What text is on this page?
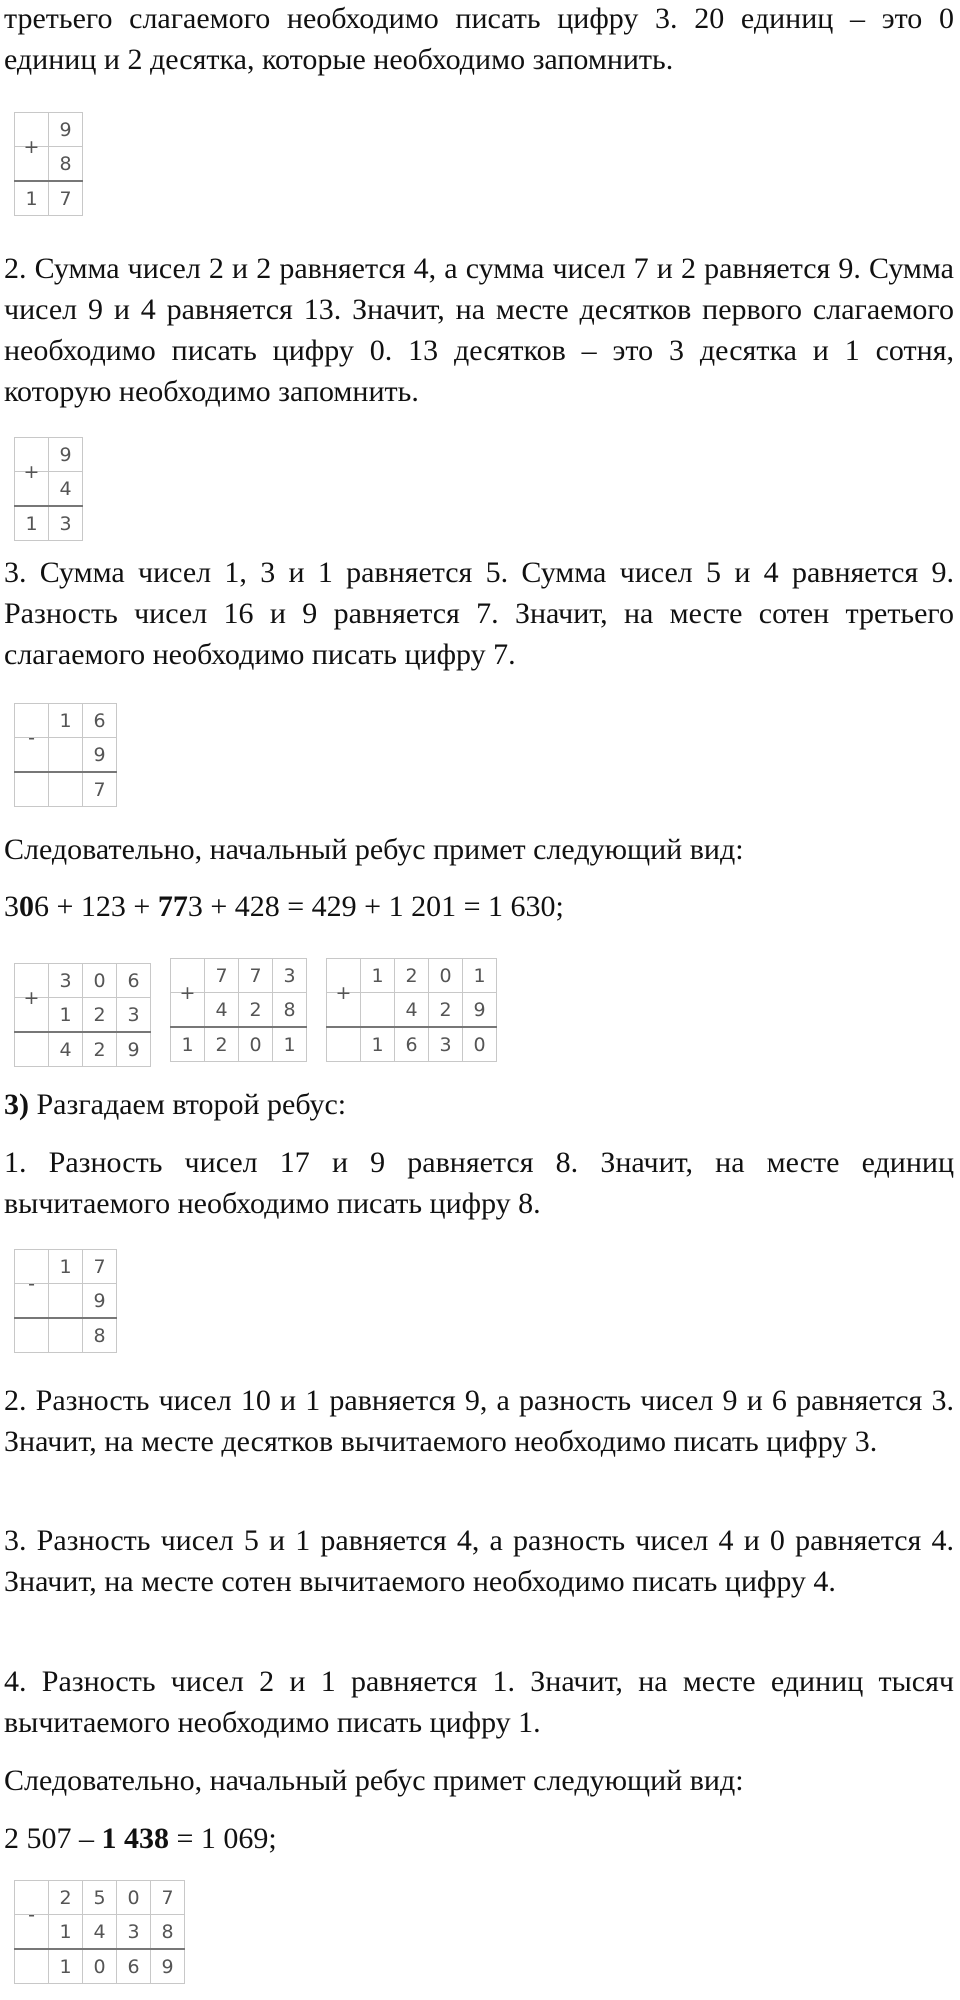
третьего слагаемого необходимо писать цифру 3. 20 единиц – это 0 единиц и 2 десятка, которые необходимо запомнить.

	9
+	8
1	7

2. Сумма чисел 2 и 2 равняется 4, а сумма чисел 7 и 2 равняется 9. Сумма чисел 9 и 4 равняется 13. Значит, на месте десятков первого слагаемого необходимо писать цифру 0. 13 десятков – это 3 десятка и 1 сотня, которую необходимо запомнить.

	9
+	4
1	3

3. Сумма чисел 1, 3 и 1 равняется 5. Сумма чисел 5 и 4 равняется 9. Разность чисел 16 и 9 равняется 7. Значит, на месте сотен третьего слагаемого необходимо писать цифру 7.

	1	6
-		9
		7

Следовательно, начальный ребус примет следующий вид:

306 + 123 + 773 + 428 = 429 + 1 201 = 1 630;

	3	0	6
+	1	2	3
	4	2	9
	7	7	3
+	4	2	8
1	2	0	1
	1	2	0	1
+		4	2	9
	1	6	3	0

3) Разгадаем второй ребус:

1. Разность чисел 17 и 9 равняется 8. Значит, на месте единиц вычитаемого необходимо писать цифру 8.

	1	7
-		9
		8

2. Разность чисел 10 и 1 равняется 9, а разность чисел 9 и 6 равняется 3. Значит, на месте десятков вычитаемого необходимо писать цифру 3.

3. Разность чисел 5 и 1 равняется 4, а разность чисел 4 и 0 равняется 4. Значит, на месте сотен вычитаемого необходимо писать цифру 4.

4. Разность чисел 2 и 1 равняется 1. Значит, на месте единиц тысяч вычитаемого необходимо писать цифру 1.

Следовательно, начальный ребус примет следующий вид:

2 507 – 1 438 = 1 069;

	2	5	0	7
-	1	4	3	8
	1	0	6	9
